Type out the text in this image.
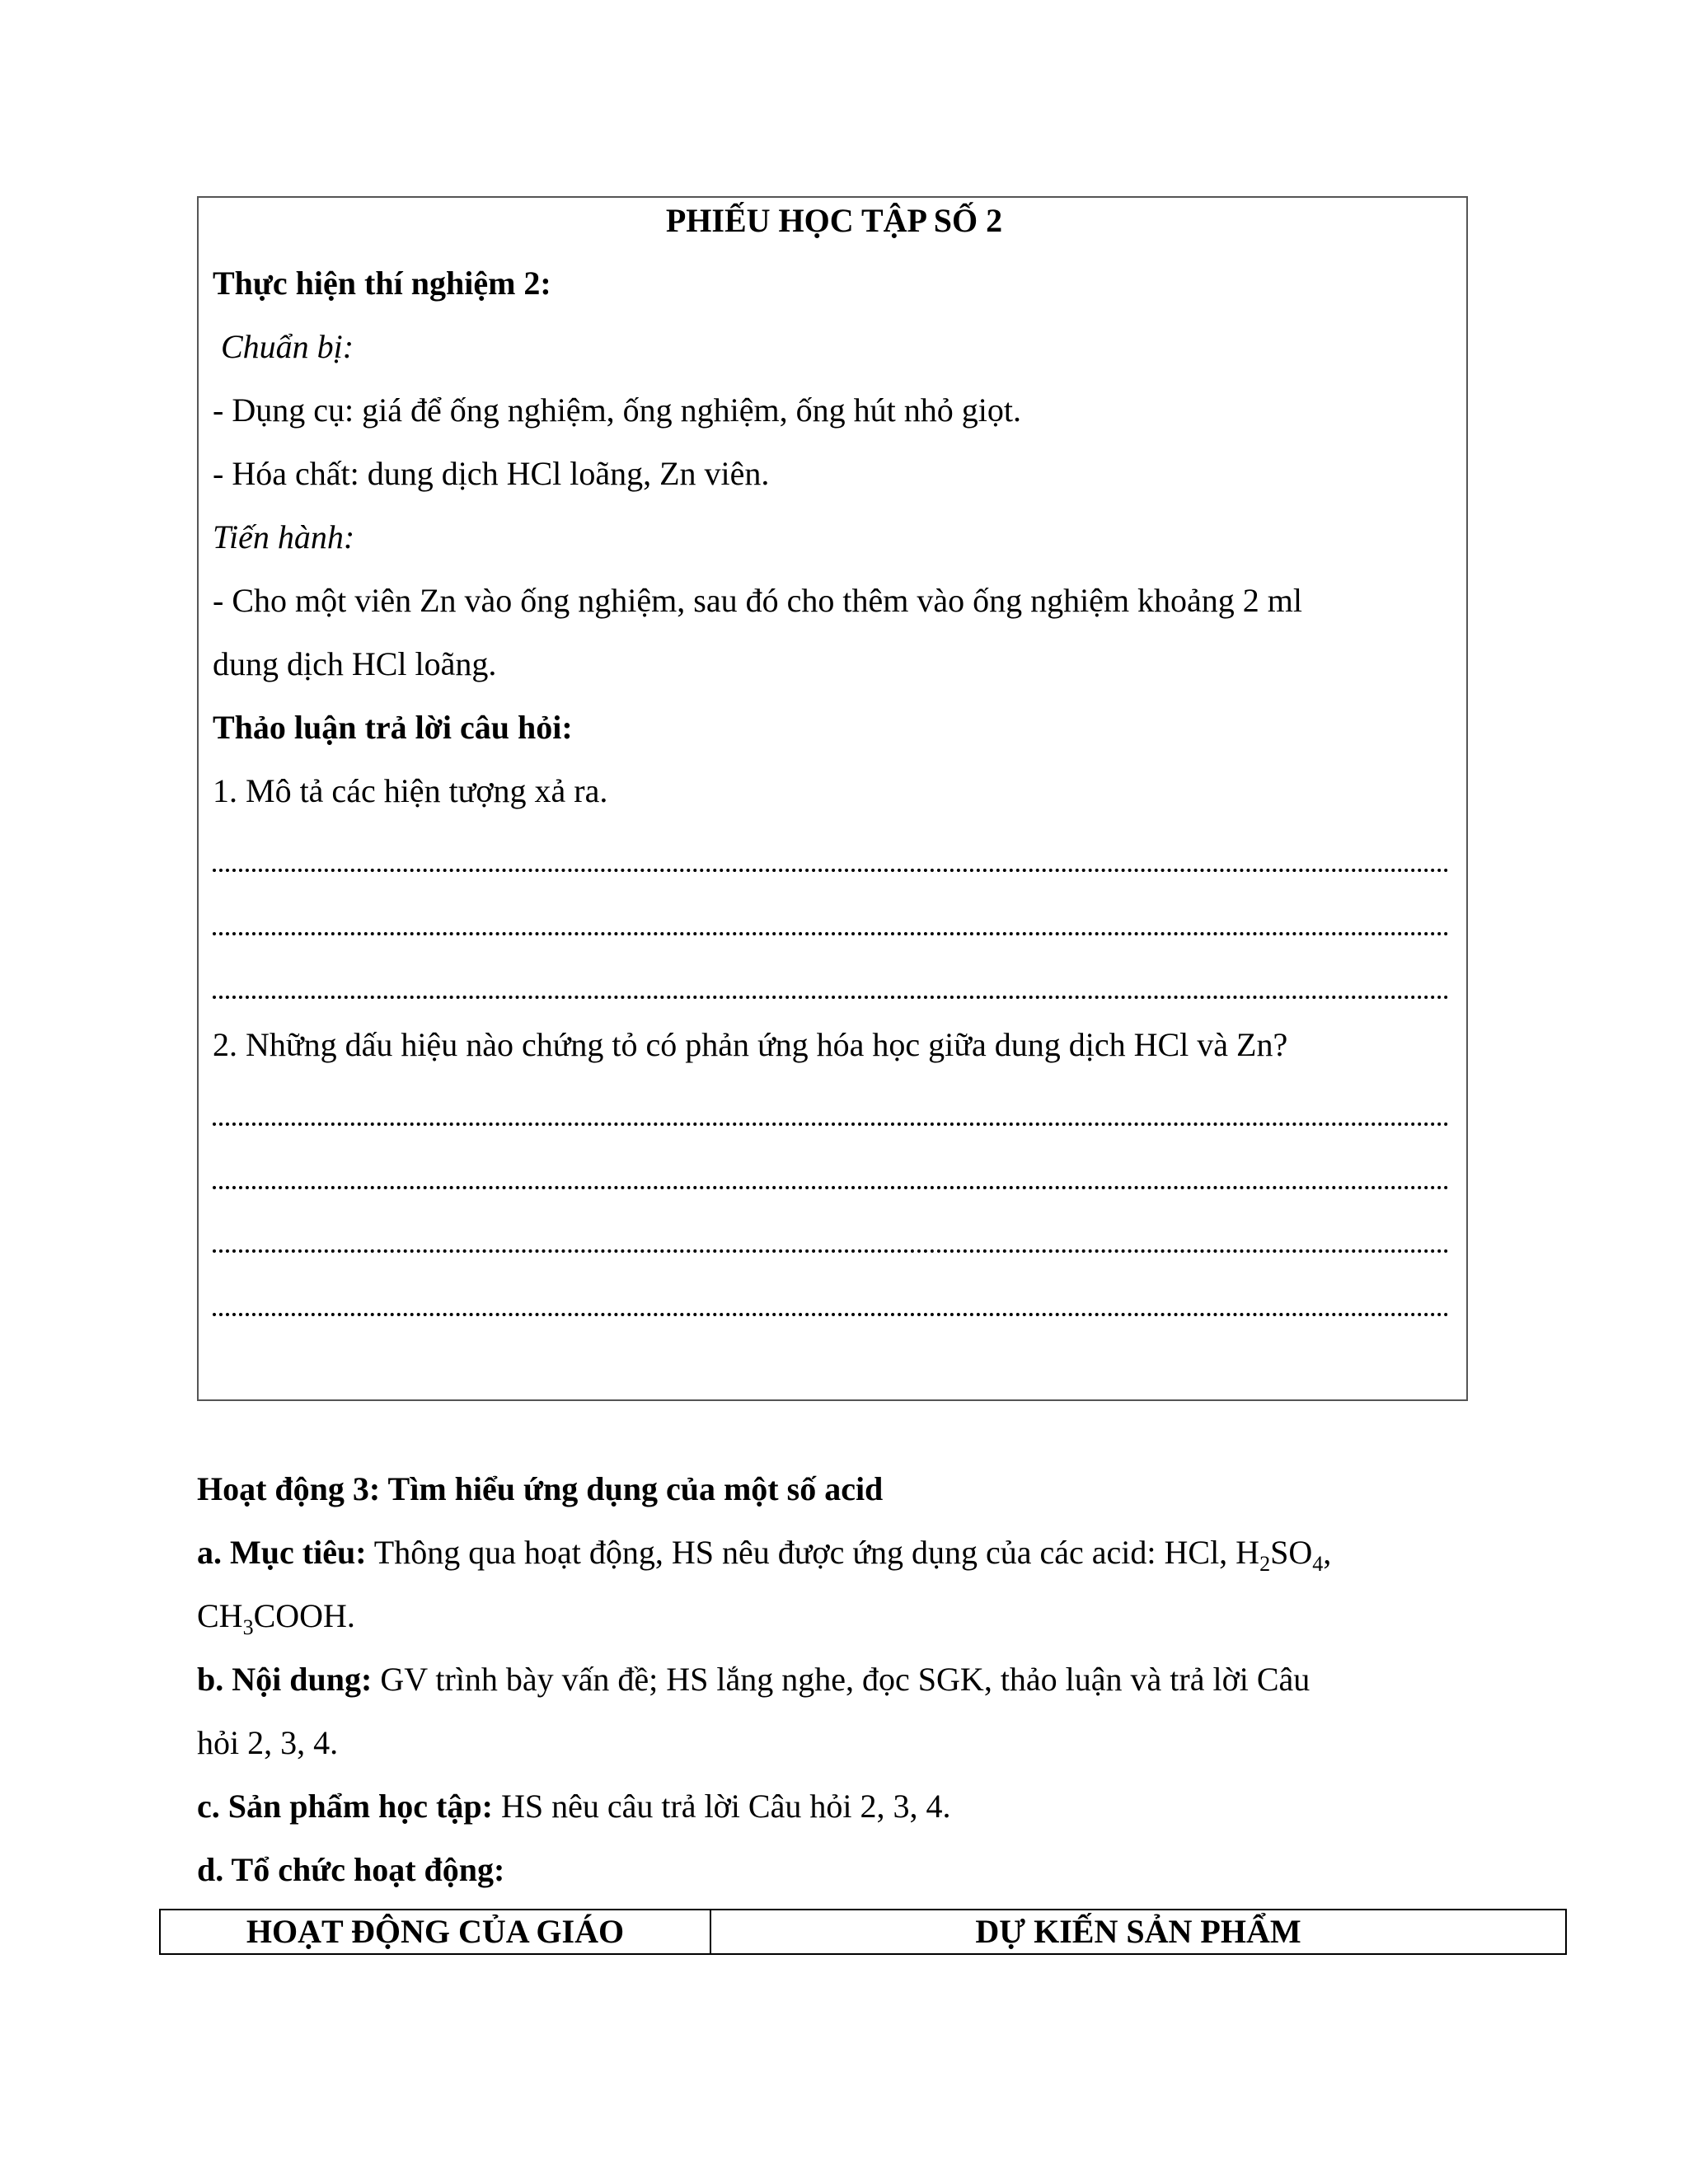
PHIẾU HỌC TẬP SỐ 2
Thực hiện thí nghiệm 2:
Chuẩn bị:
- Dụng cụ: giá để ống nghiệm, ống nghiệm, ống hút nhỏ giọt.
- Hóa chất: dung dịch HCl loãng, Zn viên.
Tiến hành:
- Cho một viên Zn vào ống nghiệm, sau đó cho thêm vào ống nghiệm khoảng 2 ml
dung dịch HCl loãng.
Thảo luận trả lời câu hỏi:
1. Mô tả các hiện tượng xả ra.
2. Những dấu hiệu nào chứng tỏ có phản ứng hóa học giữa dung dịch HCl và Zn?
Hoạt động 3: Tìm hiểu ứng dụng của một số acid
a. Mục tiêu: Thông qua hoạt động, HS nêu được ứng dụng của các acid: HCl, $H_2SO_4$,
$CH_3COOH$.
b. Nội dung: GV trình bày vấn đề; HS lắng nghe, đọc SGK, thảo luận và trả lời Câu
hỏi 2, 3, 4.
c. Sản phẩm học tập: HS nêu câu trả lời Câu hỏi 2, 3, 4.
d. Tổ chức hoạt động:
HOẠT ĐỘNG CỦA GIÁO	DỰ KIẾN SẢN PHẨM
